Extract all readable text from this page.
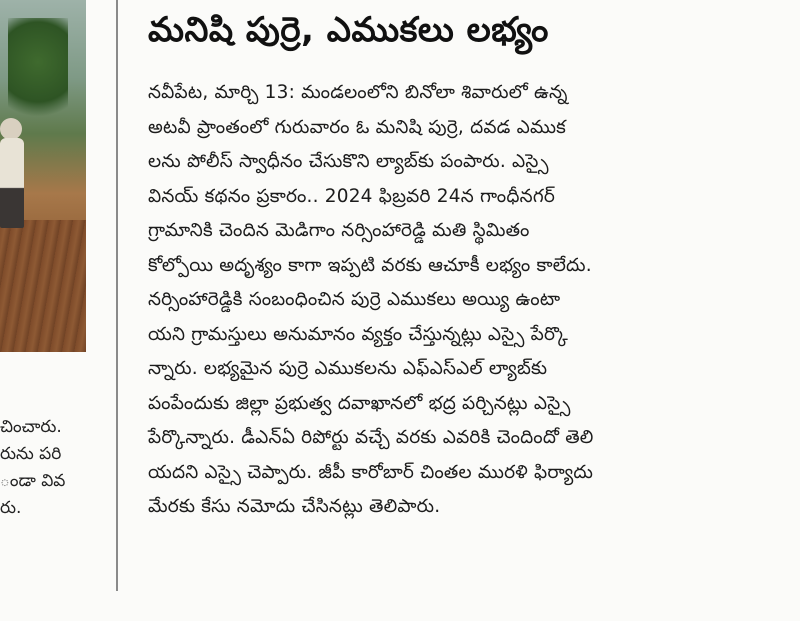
చించారు.
రును పరి
ండా వివ
రు.
మనిషి పుర్రె, ఎముకలు లభ్యం
నవీపేట, మార్చి 13: మండలంలోని బినోలా శివారులో ఉన్న
అటవీ ప్రాంతంలో గురువారం ఓ మనిషి పుర్రె, దవడ ఎముక
లను పోలీస్ స్వాధీనం చేసుకొని ల్యాబ్‌కు పంపారు. ఎస్సై
వినయ్ కథనం ప్రకారం.. 2024 ఫిబ్రవరి 24న గాంధీనగర్
గ్రామానికి చెందిన మెడిగాం నర్సింహారెడ్డి మతి స్థిమితం
కోల్పోయి అదృశ్యం కాగా ఇప్పటి వరకు ఆచూకీ లభ్యం కాలేదు.
నర్సింహారెడ్డికి సంబంధించిన పుర్రె ఎముకలు అయ్యి ఉంటా
యని గ్రామస్తులు అనుమానం వ్యక్తం చేస్తున్నట్లు ఎస్సై పేర్కొ
న్నారు. లభ్యమైన పుర్రె ఎముకలను ఎఫ్ఎస్ఎల్ ల్యాబ్‌కు
పంపేందుకు జిల్లా ప్రభుత్వ దవాఖానలో భద్ర పర్చినట్లు ఎస్సై
పేర్కొన్నారు. డీఎన్ఏ రిపోర్టు వచ్చే వరకు ఎవరికి చెందిందో తెలి
యదని ఎస్సై చెప్పారు. జీపీ కారోబార్ చింతల మురళి ఫిర్యాదు
మేరకు కేసు నమోదు చేసినట్లు తెలిపారు.
